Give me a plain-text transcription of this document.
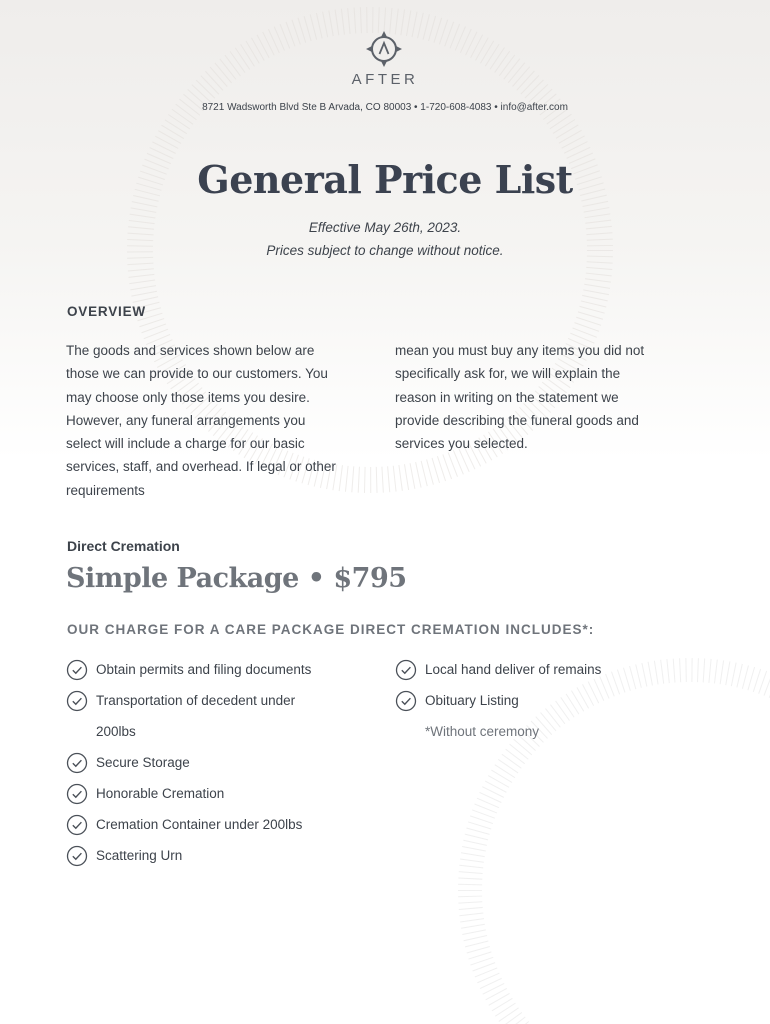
AFTER
8721 Wadsworth Blvd Ste B Arvada, CO 80003 • 1-720-608-4083 • info@after.com
General Price List
Effective May 26th, 2023.
Prices subject to change without notice.
OVERVIEW
The goods and services shown below are
those we can provide to our customers. You
may choose only those items you desire.
However, any funeral arrangements you
select will include a charge for our basic
services, staff, and overhead. If legal or other
requirements
mean you must buy any items you did not
specifically ask for, we will explain the
reason in writing on the statement we
provide describing the funeral goods and
services you selected.
Direct Cremation
Simple Package • $795
OUR CHARGE FOR A CARE PACKAGE DIRECT CREMATION INCLUDES*:
Obtain permits and filing documents
Transportation of decedent under
200lbs
Secure Storage
Honorable Cremation
Cremation Container under 200lbs
Scattering Urn
Local hand deliver of remains
Obituary Listing
*Without ceremony
